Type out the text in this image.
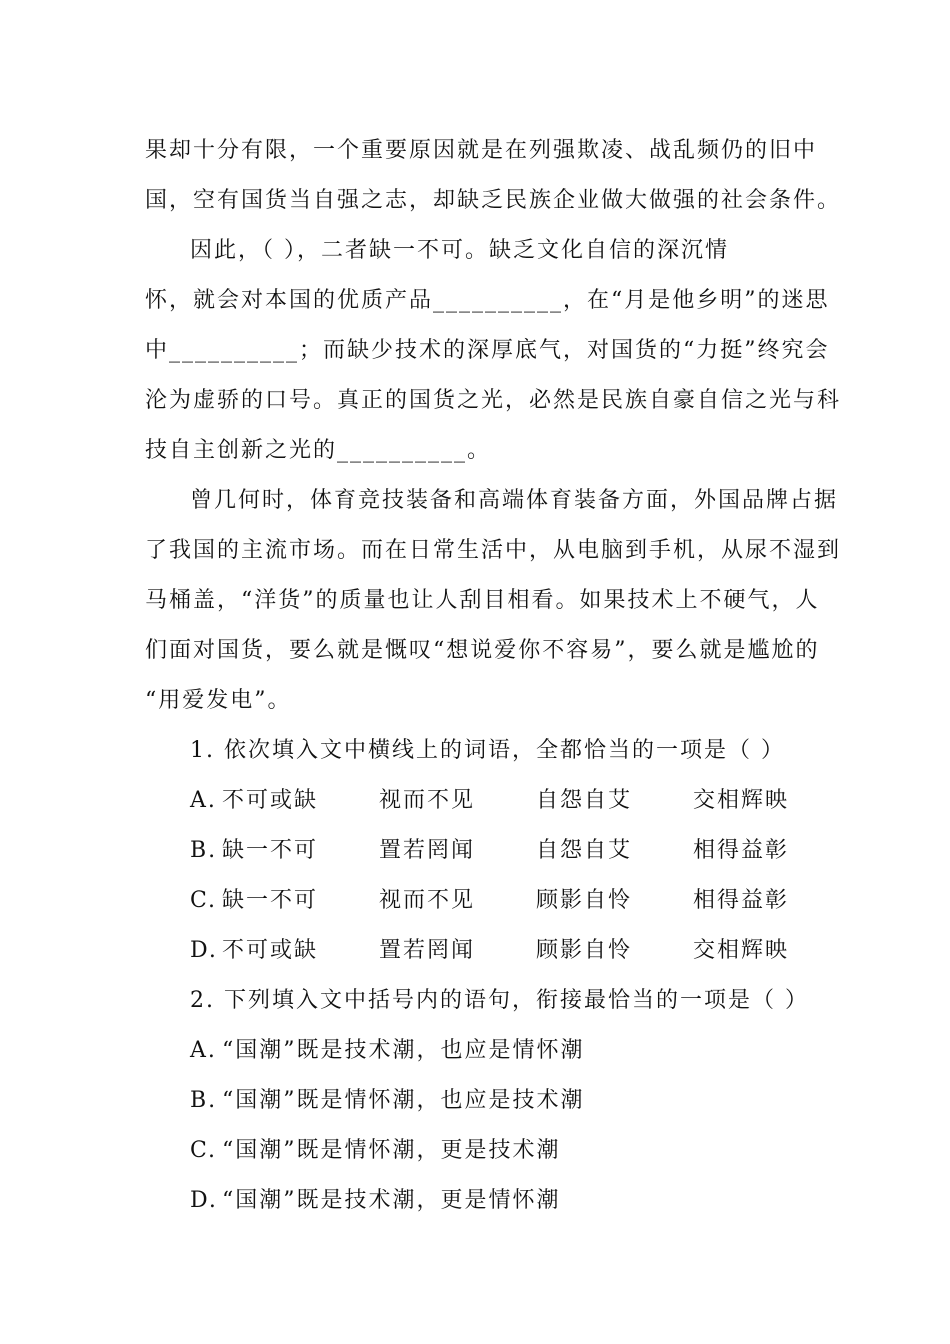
果却十分有限，一个重要原因就是在列强欺凌、战乱频仍的旧中
国，空有国货当自强之志，却缺乏民族企业做大做强的社会条件。
因此，（ ），二者缺一不可。缺乏文化自信的深沉情
怀，就会对本国的优质产品__________，在“月是他乡明”的迷思
中__________；而缺少技术的深厚底气，对国货的“力挺”终究会
沦为虚骄的口号。真正的国货之光，必然是民族自豪自信之光与科
技自主创新之光的__________。
曾几何时，体育竞技装备和高端体育装备方面，外国品牌占据
了我国的主流市场。而在日常生活中，从电脑到手机，从尿不湿到
马桶盖，“洋货”的质量也让人刮目相看。如果技术上不硬气，人
们面对国货，要么就是慨叹“想说爱你不容易”，要么就是尴尬的
“用爱发电”。
1. 依次填入文中横线上的词语，全都恰当的一项是（ ）
A. 不可或缺	视而不见	自怨自艾	交相辉映
B. 缺一不可	置若罔闻	自怨自艾	相得益彰
C. 缺一不可	视而不见	顾影自怜	相得益彰
D. 不可或缺	置若罔闻	顾影自怜	交相辉映
2. 下列填入文中括号内的语句，衔接最恰当的一项是（ ）
A. “国潮”既是技术潮，也应是情怀潮
B. “国潮”既是情怀潮，也应是技术潮
C. “国潮”既是情怀潮，更是技术潮
D. “国潮”既是技术潮，更是情怀潮
